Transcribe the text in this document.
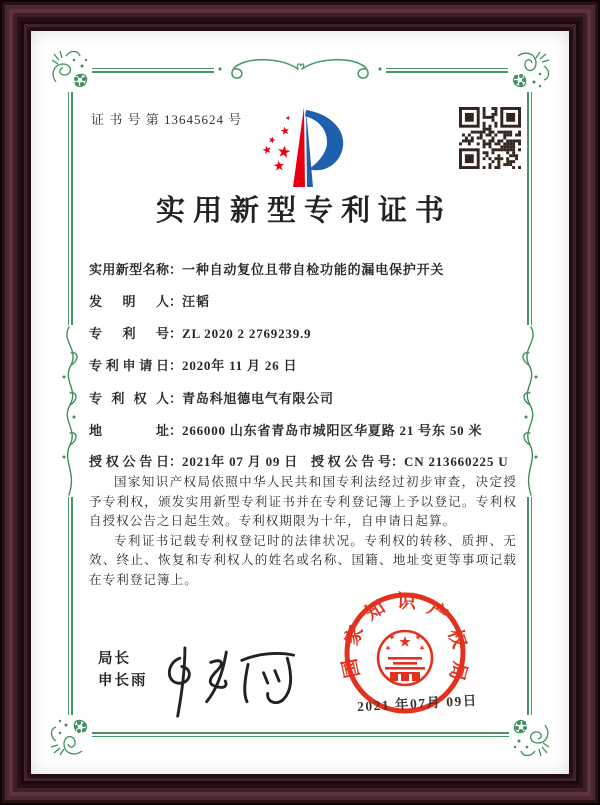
证 书 号 第 13645624 号
实用新型专利证书
实用新型名称：一种自动复位且带自检功能的漏电保护开关
发 明 人：汪韬
专 利 号：ZL 2020 2 2769239.9
专利申请日：2020年 11 月 26 日
专 利 权 人：青岛科旭德电气有限公司
地 址：266000 山东省青岛市城阳区华夏路 21 号东 50 米
授权公告日：2021年 07 月 09 日 授权公告号：CN 213660225 U

国家知识产权局依照中华人民共和国专利法经过初步审查，决定授予专利权，颁发实用新型专利证书并在专利登记簿上予以登记。专利权自授权公告之日起生效。专利权期限为十年，自申请日起算。

专利证书记载专利权登记时的法律状况。专利权的转移、质押、无效、终止、恢复和专利权人的姓名或名称、国籍、地址变更等事项记载在专利登记簿上。

局长
申长雨
国家知识产权局
2021 年07月 09日
